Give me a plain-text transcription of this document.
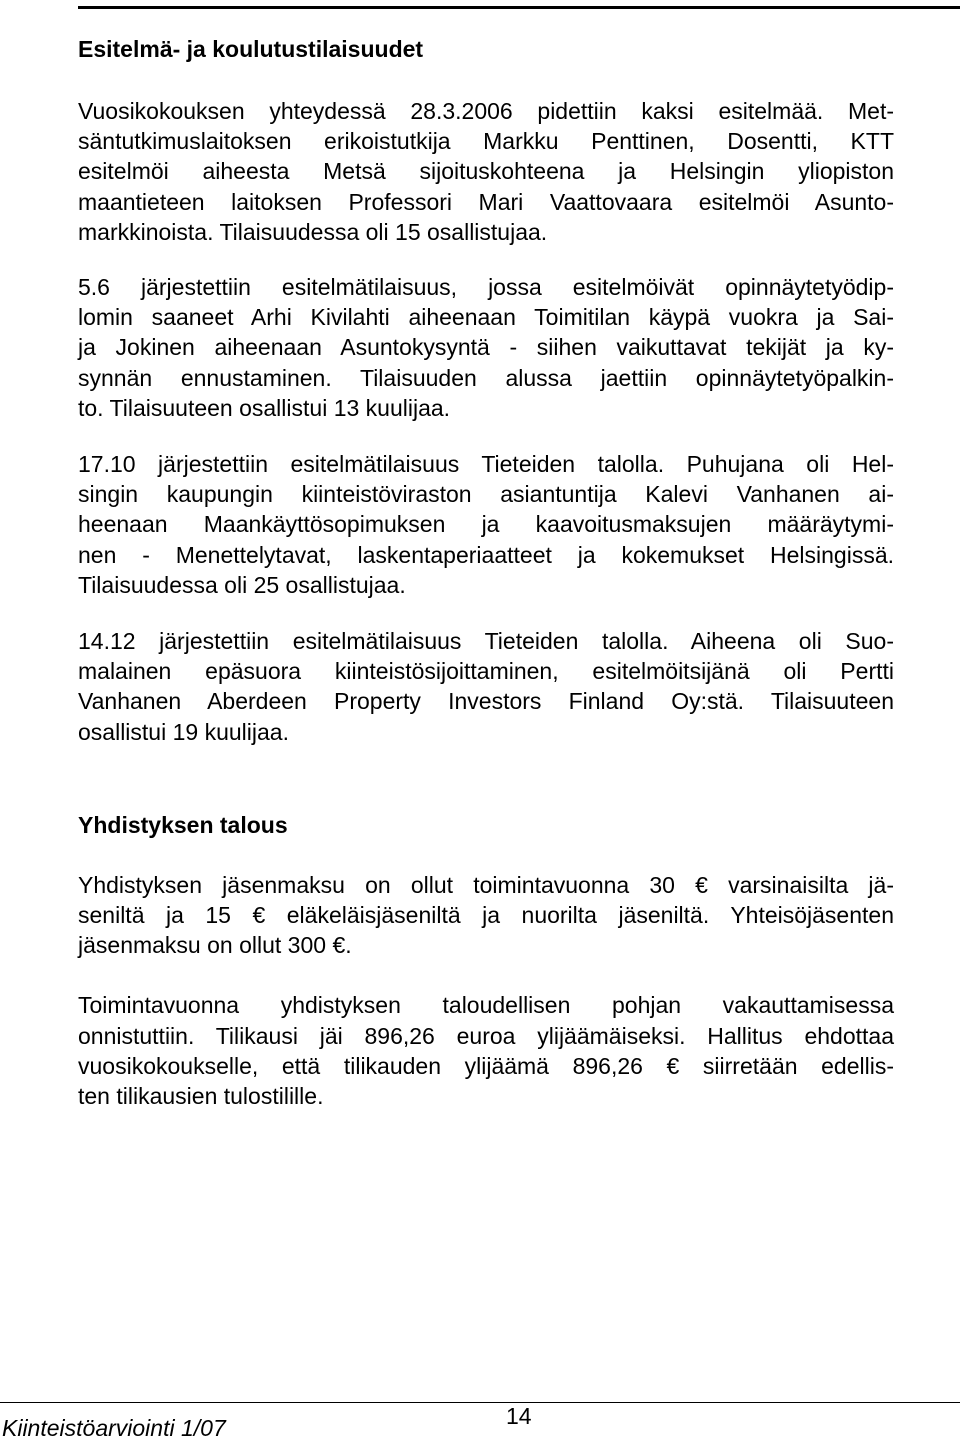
Esitelmä- ja koulutustilaisuudet

Vuosikokouksen yhteydessä 28.3.2006 pidettiin kaksi esitelmää. Met-
säntutkimuslaitoksen erikoistutkija Markku Penttinen, Dosentti, KTT
esitelmöi aiheesta Metsä sijoituskohteena ja Helsingin yliopiston
maantieteen laitoksen Professori Mari Vaattovaara esitelmöi Asunto-
markkinoista. Tilaisuudessa oli 15 osallistujaa.

5.6 järjestettiin esitelmätilaisuus, jossa esitelmöivät opinnäytetyödip-
lomin saaneet Arhi Kivilahti aiheenaan Toimitilan käypä vuokra ja Sai-
ja Jokinen aiheenaan Asuntokysyntä - siihen vaikuttavat tekijät ja ky-
synnän ennustaminen. Tilaisuuden alussa jaettiin opinnäytetyöpalkin-
to. Tilaisuuteen osallistui 13 kuulijaa.

17.10 järjestettiin esitelmätilaisuus Tieteiden talolla. Puhujana oli Hel-
singin kaupungin kiinteistöviraston asiantuntija Kalevi Vanhanen ai-
heenaan Maankäyttösopimuksen ja kaavoitusmaksujen määräytymi-
nen - Menettelytavat, laskentaperiaatteet ja kokemukset Helsingissä.
Tilaisuudessa oli 25 osallistujaa.

14.12 järjestettiin esitelmätilaisuus Tieteiden talolla. Aiheena oli Suo-
malainen epäsuora kiinteistösijoittaminen, esitelmöitsijänä oli Pertti
Vanhanen Aberdeen Property Investors Finland Oy:stä. Tilaisuuteen
osallistui 19 kuulijaa.

Yhdistyksen talous

Yhdistyksen jäsenmaksu on ollut toimintavuonna 30 € varsinaisilta jä-
seniltä ja 15 € eläkeläisjäseniltä ja nuorilta jäseniltä. Yhteisöjäsenten
jäsenmaksu on ollut 300 €.

Toimintavuonna yhdistyksen taloudellisen pohjan vakauttamisessa
onnistuttiin. Tilikausi jäi 896,26 euroa ylijäämäiseksi. Hallitus ehdottaa
vuosikokoukselle, että tilikauden ylijäämä 896,26 € siirretään edellis-
ten tilikausien tulostilille.

Kiinteistöarviointi 1/07	14
